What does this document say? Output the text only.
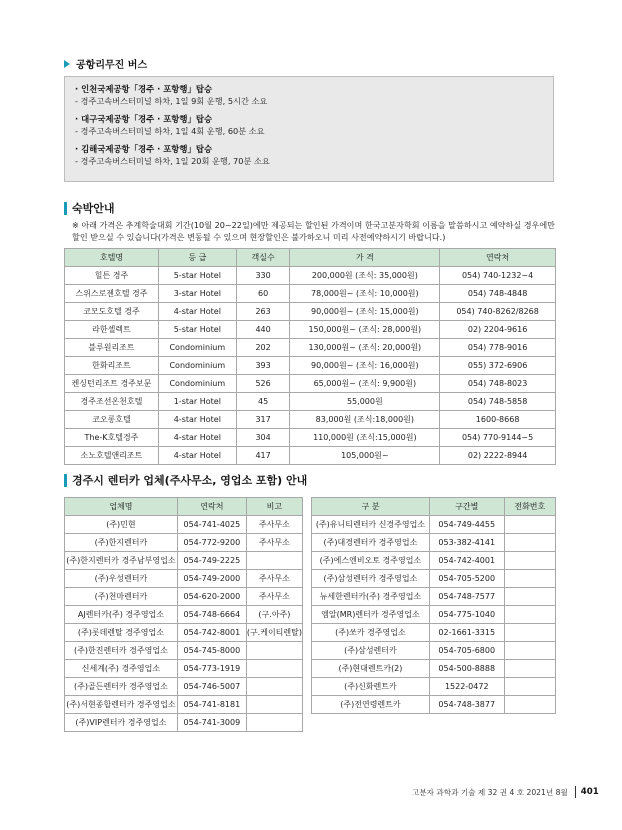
공항리무진 버스
· 인천국제공항「경주 · 포항행」탑승
- 경주고속버스터미널 하차, 1일 9회 운행, 5시간 소요
· 대구국제공항「경주 · 포항행」탑승
- 경주고속버스터미널 하차, 1일 4회 운행, 60분 소요
· 김해국제공항「경주 · 포항행」탑승
- 경주고속버스터미널 하차, 1일 20회 운행, 70분 소요
숙박안내
※ 아래 가격은 추계학술대회 기간(10월 20~22일)에만 제공되는 할인된 가격이며 한국고분자학회 이름을 말씀하시고 예약하실 경우에만 할인 받으실 수 있습니다(가격은 변동될 수 있으며 현장할인은 불가하오니 미리 사전예약하시기 바랍니다.)
호텔명	등 급	객실수	가 격	연락처
힐튼 경주	5-star Hotel	330	200,000원 (조식: 35,000원)	054) 740-1232~4
스위스로젠호텔 경주	3-star Hotel	60	78,000원~ (조식: 10,000원)	054) 748-4848
코모도호텔 경주	4-star Hotel	263	90,000원~ (조식: 15,000원)	054) 740-8262/8268
라한셀렉트	5-star Hotel	440	150,000원~ (조식: 28,000원)	02) 2204-9616
블루원리조트	Condominium	202	130,000원~ (조식: 20,000원)	054) 778-9016
한화리조트	Condominium	393	90,000원~ (조식: 16,000원)	055) 372-6906
켄싱턴리조트 경주보문	Condominium	526	65,000원~ (조식: 9,900원)	054) 748-8023
경주조선온천호텔	1-star Hotel	45	55,000원	054) 748-5858
코오롱호텔	4-star Hotel	317	83,000원 (조식:18,000원)	1600-8668
The-K호텔경주	4-star Hotel	304	110,000원 (조식:15,000원)	054) 770-9144~5
소노호텔앤리조트	4-star Hotel	417	105,000원~	02) 2222-8944
경주시 렌터카 업체(주사무소, 영업소 포함) 안내
업체명	연락처	비고
(주)민현	054-741-4025	주사무소
(주)한지렌터카	054-772-9200	주사무소
(주)한지렌터카 경주남부영업소	054-749-2225	
(주)우성렌터카	054-749-2000	주사무소
(주)천마렌터카	054-620-2000	주사무소
AJ렌터카(주) 경주영업소	054-748-6664	(구.아주)
(주)롯데렌탈 경주영업소	054-742-8001	(구.케이티렌탈)
(주)한진렌터카 경주영업소	054-745-8000	
신세계(주) 경주영업소	054-773-1919	
(주)골든렌터카 경주영업소	054-746-5007	
(주)서현종합렌터카 경주영업소	054-741-8181	
(주)VIP렌터카 경주영업소	054-741-3009	
구 분	구간별	전화번호
(주)유니티렌터카 신경주영업소	054-749-4455	
(주)대경렌터카 경주영업소	053-382-4141	
(주)에스엔비오토 경주영업소	054-742-4001	
(주)삼성렌터카 경주영업소	054-705-5200	
뉴세한렌터카(주) 경주영업소	054-748-7577	
엠알(MR)렌터카 경주영업소	054-775-1040	
(주)쏘카 경주영업소	02-1661-3315	
(주)삼성렌터카	054-705-6800	
(주)현대렌트카(2)	054-500-8888	
(주)신화렌트카	1522-0472	
(주)전연령렌트카	054-748-3877	
고분자 과학과 기술 제 32 권 4 호 2021년 8월 401
